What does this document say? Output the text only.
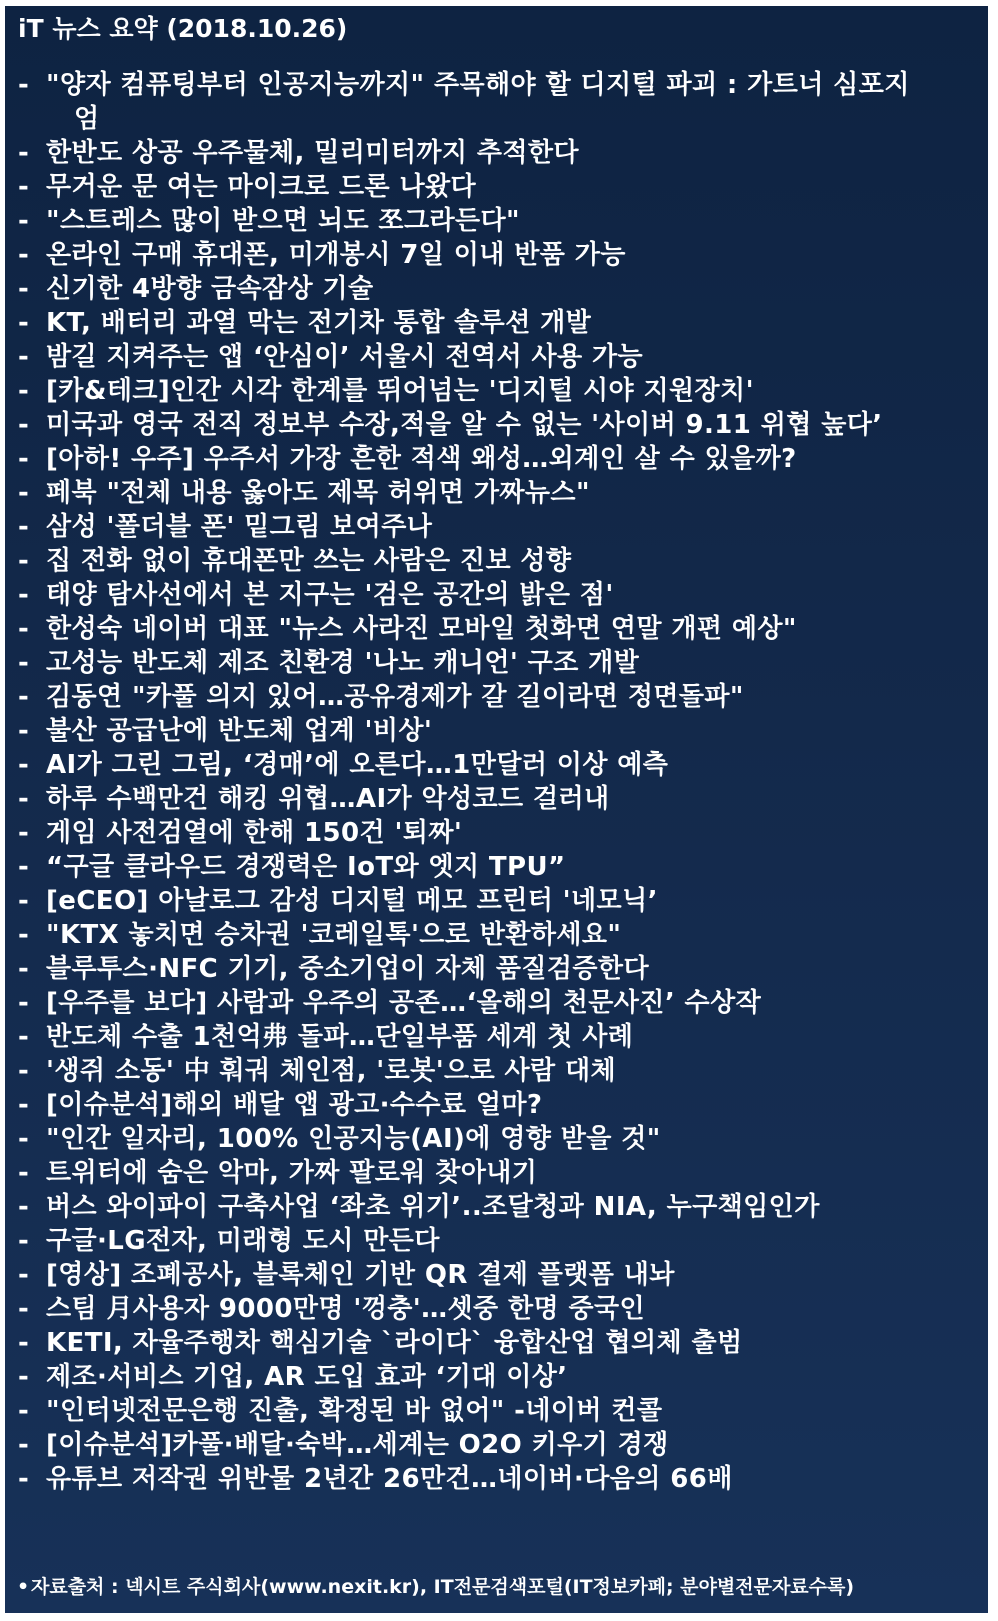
iT 뉴스 요약 (2018.10.26)
- "양자 컴퓨팅부터 인공지능까지" 주목해야 할 디지털 파괴 : 가트너 심포지엄
- 한반도 상공 우주물체, 밀리미터까지 추적한다
- 무거운 문 여는 마이크로 드론 나왔다
- "스트레스 많이 받으면 뇌도 쪼그라든다"
- 온라인 구매 휴대폰, 미개봉시 7일 이내 반품 가능
- 신기한 4방향 금속잠상 기술
- KT, 배터리 과열 막는 전기차 통합 솔루션 개발
- 밤길 지켜주는 앱 ‘안심이’ 서울시 전역서 사용 가능
- [카&테크]인간 시각 한계를 뛰어넘는 '디지털 시야 지원장치'
- 미국과 영국 전직 정보부 수장,적을 알 수 없는 '사이버 9.11 위협 높다’
- [아하! 우주] 우주서 가장 흔한 적색 왜성…외계인 살 수 있을까?
- 페북 "전체 내용 옳아도 제목 허위면 가짜뉴스"
- 삼성 '폴더블 폰' 밑그림 보여주나
- 집 전화 없이 휴대폰만 쓰는 사람은 진보 성향
- 태양 탐사선에서 본 지구는 '검은 공간의 밝은 점'
- 한성숙 네이버 대표 "뉴스 사라진 모바일 첫화면 연말 개편 예상"
- 고성능 반도체 제조 친환경 '나노 캐니언' 구조 개발
- 김동연 "카풀 의지 있어…공유경제가 갈 길이라면 정면돌파"
- 불산 공급난에 반도체 업계 '비상'
- AI가 그린 그림, ‘경매’에 오른다…1만달러 이상 예측
- 하루 수백만건 해킹 위협…AI가 악성코드 걸러내
- 게임 사전검열에 한해 150건 '퇴짜'
- “구글 클라우드 경쟁력은 IoT와 엣지 TPU”
- [eCEO] 아날로그 감성 디지털 메모 프린터 '네모닉’
- "KTX 놓치면 승차권 '코레일톡'으로 반환하세요"
- 블루투스·NFC 기기, 중소기업이 자체 품질검증한다
- [우주를 보다] 사람과 우주의 공존…‘올해의 천문사진’ 수상작
- 반도체 수출 1천억弗 돌파…단일부품 세계 첫 사례
- '생쥐 소동' 中 훠궈 체인점, '로봇'으로 사람 대체
- [이슈분석]해외 배달 앱 광고·수수료 얼마?
- "인간 일자리, 100% 인공지능(AI)에 영향 받을 것"
- 트위터에 숨은 악마, 가짜 팔로워 찾아내기
- 버스 와이파이 구축사업 ‘좌초 위기’..조달청과 NIA, 누구책임인가
- 구글·LG전자, 미래형 도시 만든다
- [영상] 조폐공사, 블록체인 기반 QR 결제 플랫폼 내놔
- 스팀 月사용자 9000만명 '껑충'…셋중 한명 중국인
- KETI, 자율주행차 핵심기술 `라이다` 융합산업 협의체 출범
- 제조·서비스 기업, AR 도입 효과 ‘기대 이상’
- "인터넷전문은행 진출, 확정된 바 없어" -네이버 컨콜
- [이슈분석]카풀·배달·숙박…세계는 O2O 키우기 경쟁
- 유튜브 저작권 위반물 2년간 26만건…네이버·다음의 66배
•자료출처 : 넥시트 주식회사(www.nexit.kr), IT전문검색포털(IT정보카페; 분야별전문자료수록)
